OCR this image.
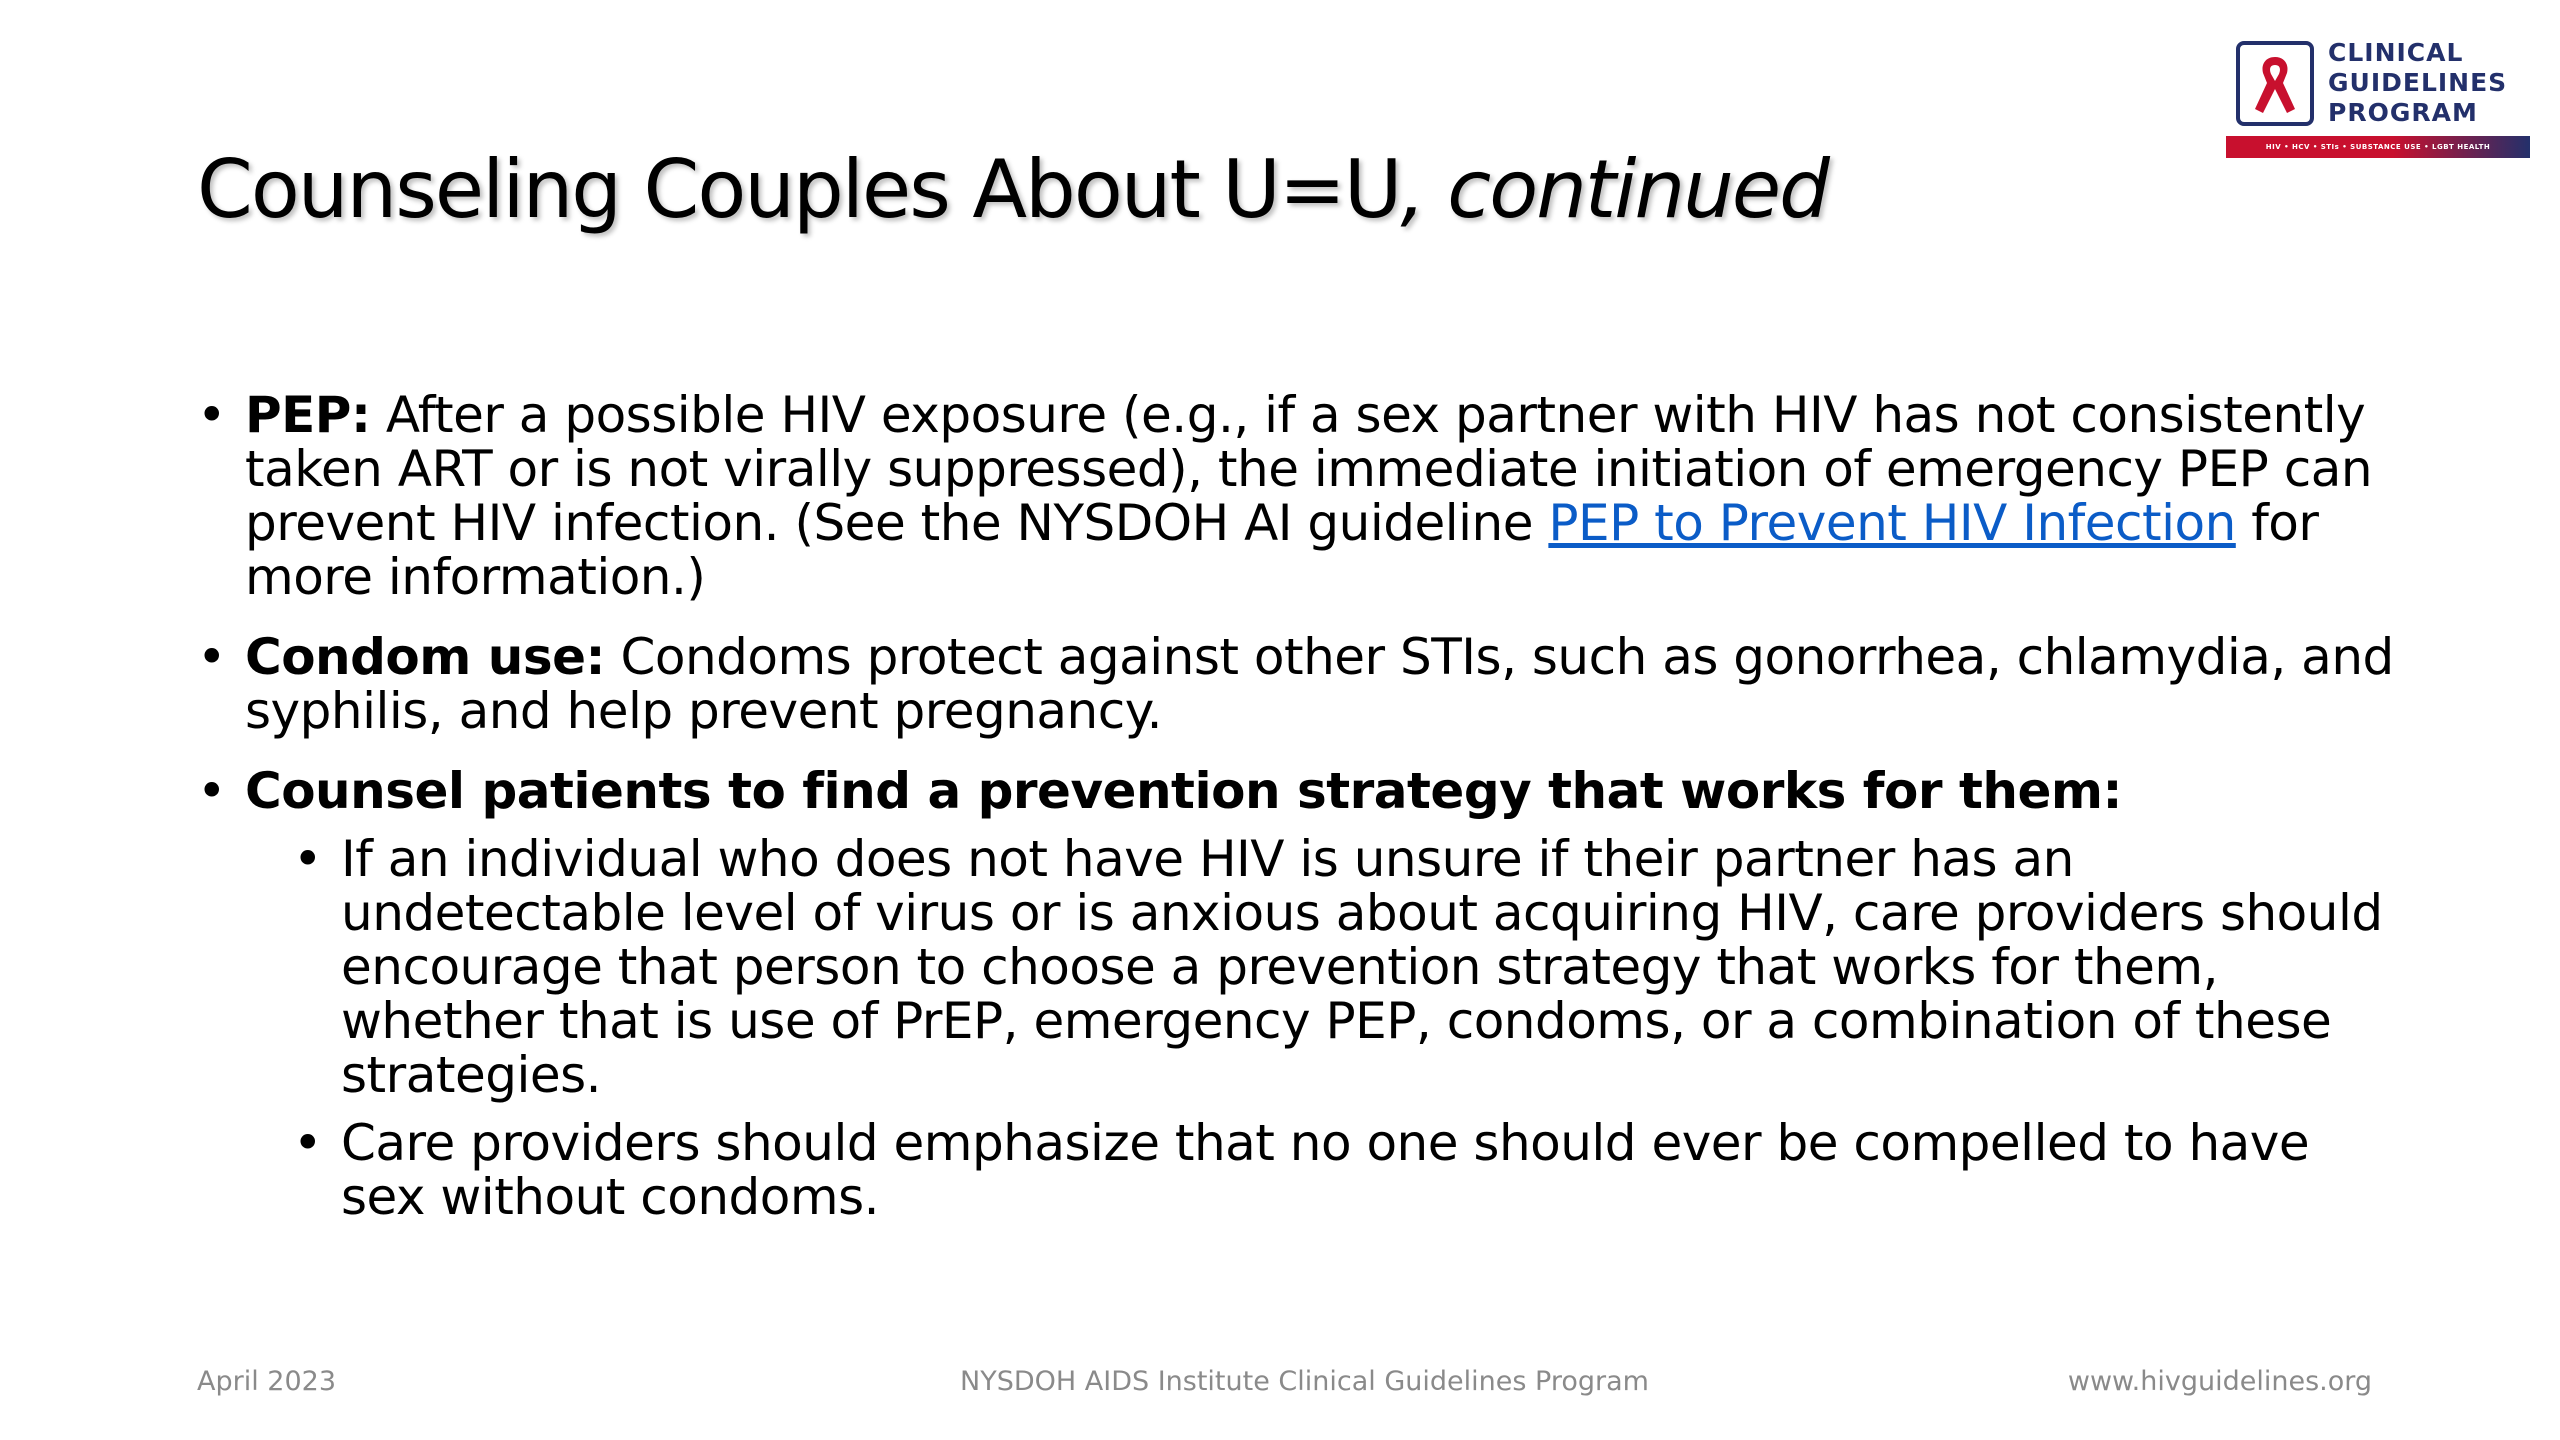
Counseling Couples About U=U, continued
CLINICAL
GUIDELINES
PROGRAM
HIV • HCV • STIs • SUBSTANCE USE • LGBT HEALTH
• PEP: After a possible HIV exposure (e.g., if a sex partner with HIV has not consistently taken ART or is not virally suppressed), the immediate initiation of emergency PEP can prevent HIV infection. (See the NYSDOH AI guideline PEP to Prevent HIV Infection for more information.)
• Condom use: Condoms protect against other STIs, such as gonorrhea, chlamydia, and syphilis, and help prevent pregnancy.
• Counsel patients to find a prevention strategy that works for them:
• If an individual who does not have HIV is unsure if their partner has an undetectable level of virus or is anxious about acquiring HIV, care providers should encourage that person to choose a prevention strategy that works for them, whether that is use of PrEP, emergency PEP, condoms, or a combination of these strategies.
• Care providers should emphasize that no one should ever be compelled to have sex without condoms.
April 2023	NYSDOH AIDS Institute Clinical Guidelines Program	www.hivguidelines.org
